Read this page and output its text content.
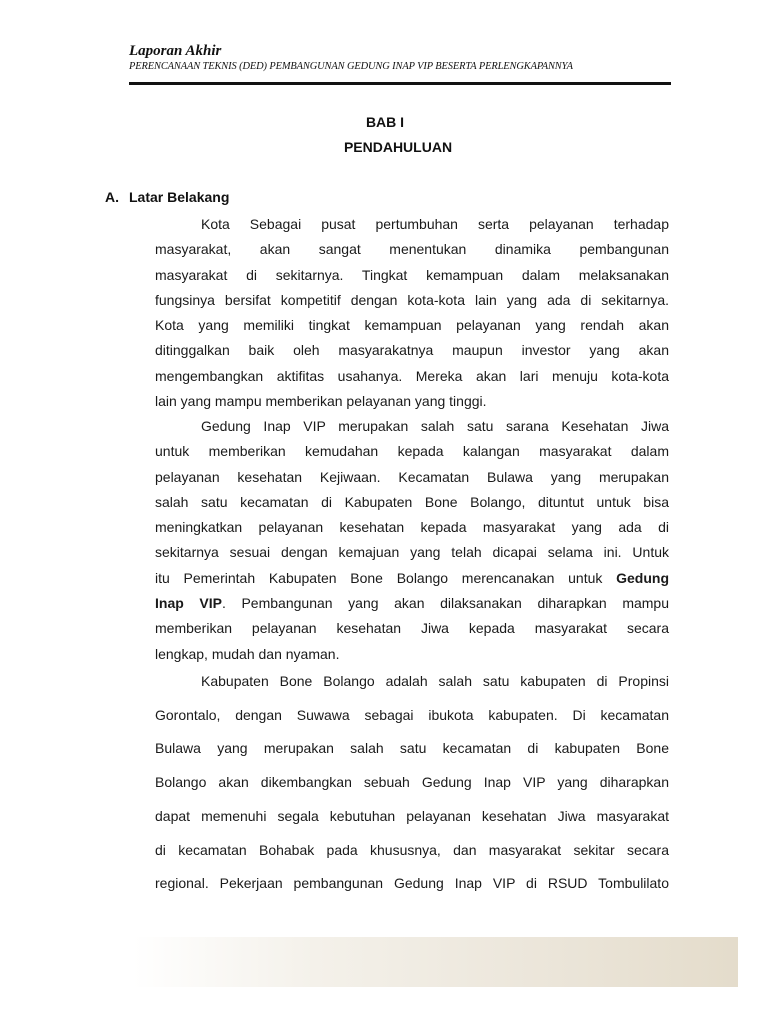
Laporan Akhir
PERENCANAAN TEKNIS (DED) PEMBANGUNAN GEDUNG INAP VIP BESERTA PERLENGKAPANNYA
BAB I
PENDAHULUAN
A. Latar Belakang
Kota Sebagai pusat pertumbuhan serta pelayanan terhadap
masyarakat, akan sangat menentukan dinamika pembangunan
masyarakat di sekitarnya. Tingkat kemampuan dalam melaksanakan
fungsinya bersifat kompetitif dengan kota-kota lain yang ada di sekitarnya.
Kota yang memiliki tingkat kemampuan pelayanan yang rendah akan
ditinggalkan baik oleh masyarakatnya maupun investor yang akan
mengembangkan aktifitas usahanya. Mereka akan lari menuju kota-kota
lain yang mampu memberikan pelayanan yang tinggi.
Gedung Inap VIP merupakan salah satu sarana Kesehatan Jiwa
untuk memberikan kemudahan kepada kalangan masyarakat dalam
pelayanan kesehatan Kejiwaan. Kecamatan Bulawa yang merupakan
salah satu kecamatan di Kabupaten Bone Bolango, dituntut untuk bisa
meningkatkan pelayanan kesehatan kepada masyarakat yang ada di
sekitarnya sesuai dengan kemajuan yang telah dicapai selama ini. Untuk
itu Pemerintah Kabupaten Bone Bolango merencanakan untuk Gedung
Inap VIP. Pembangunan yang akan dilaksanakan diharapkan mampu
memberikan pelayanan kesehatan Jiwa kepada masyarakat secara
lengkap, mudah dan nyaman.
Kabupaten Bone Bolango adalah salah satu kabupaten di Propinsi
Gorontalo, dengan Suwawa sebagai ibukota kabupaten. Di kecamatan
Bulawa yang merupakan salah satu kecamatan di kabupaten Bone
Bolango akan dikembangkan sebuah Gedung Inap VIP yang diharapkan
dapat memenuhi segala kebutuhan pelayanan kesehatan Jiwa masyarakat
di kecamatan Bohabak pada khususnya, dan masyarakat sekitar secara
regional. Pekerjaan pembangunan Gedung Inap VIP di RSUD Tombulilato
